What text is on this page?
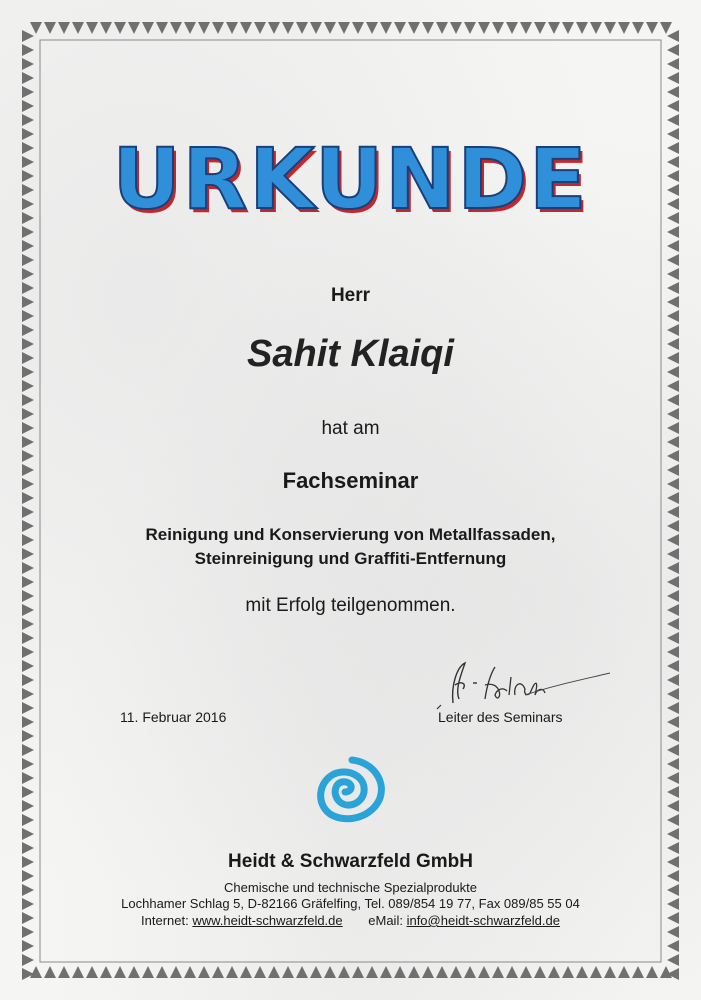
URKUNDE
Herr
Sahit Klaiqi
hat am
Fachseminar
Reinigung und Konservierung von Metallfassaden,
Steinreinigung und Graffiti-Entfernung
mit Erfolg teilgenommen.
11. Februar 2016	Leiter des Seminars
Heidt & Schwarzfeld GmbH
Chemische und technische Spezialprodukte
Lochhamer Schlag 5, D-82166 Gräfelfing, Tel. 089/854 19 77, Fax 089/85 55 04
Internet: www.heidt-schwarzfeld.de eMail: info@heidt-schwarzfeld.de
